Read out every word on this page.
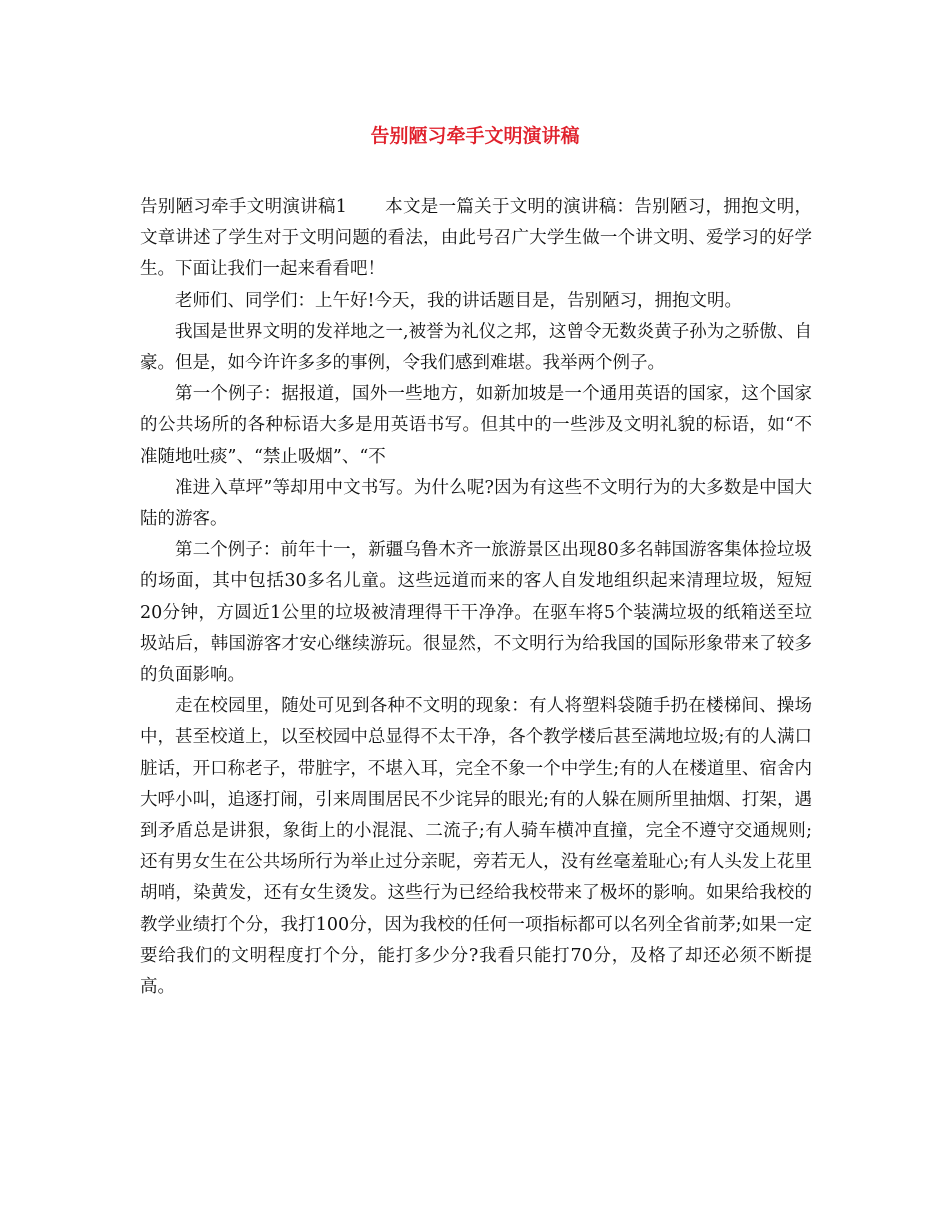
告别陋习牵手文明演讲稿

告别陋习牵手文明演讲稿1 本文是一篇关于文明的演讲稿：告别陋习，拥抱文明，文章讲述了学生对于文明问题的看法，由此号召广大学生做一个讲文明、爱学习的好学生。下面让我们一起来看看吧！

老师们、同学们：上午好!今天，我的讲话题目是，告别陋习，拥抱文明。

我国是世界文明的发祥地之一,被誉为礼仪之邦，这曾令无数炎黄子孙为之骄傲、自豪。但是，如今许许多多的事例，令我们感到难堪。我举两个例子。

第一个例子：据报道，国外一些地方，如新加坡是一个通用英语的国家，这个国家的公共场所的各种标语大多是用英语书写。但其中的一些涉及文明礼貌的标语，如“不准随地吐痰”、“禁止吸烟”、“不

准进入草坪”等却用中文书写。为什么呢?因为有这些不文明行为的大多数是中国大陆的游客。

第二个例子：前年十一，新疆乌鲁木齐一旅游景区出现80多名韩国游客集体捡垃圾的场面，其中包括30多名儿童。这些远道而来的客人自发地组织起来清理垃圾，短短20分钟，方圆近1公里的垃圾被清理得干干净净。在驱车将5个装满垃圾的纸箱送至垃圾站后，韩国游客才安心继续游玩。很显然，不文明行为给我国的国际形象带来了较多的负面影响。

走在校园里，随处可见到各种不文明的现象：有人将塑料袋随手扔在楼梯间、操场中，甚至校道上，以至校园中总显得不太干净，各个教学楼后甚至满地垃圾;有的人满口脏话，开口称老子，带脏字，不堪入耳，完全不象一个中学生;有的人在楼道里、宿舍内大呼小叫，追逐打闹，引来周围居民不少诧异的眼光;有的人躲在厕所里抽烟、打架，遇到矛盾总是讲狠，象街上的小混混、二流子;有人骑车横冲直撞，完全不遵守交通规则;还有男女生在公共场所行为举止过分亲昵，旁若无人，没有丝毫羞耻心;有人头发上花里胡哨，染黄发，还有女生烫发。这些行为已经给我校带来了极坏的影响。如果给我校的教学业绩打个分，我打100分，因为我校的任何一项指标都可以名列全省前茅;如果一定要给我们的文明程度打个分，能打多少分?我看只能打70分，及格了却还必须不断提高。
